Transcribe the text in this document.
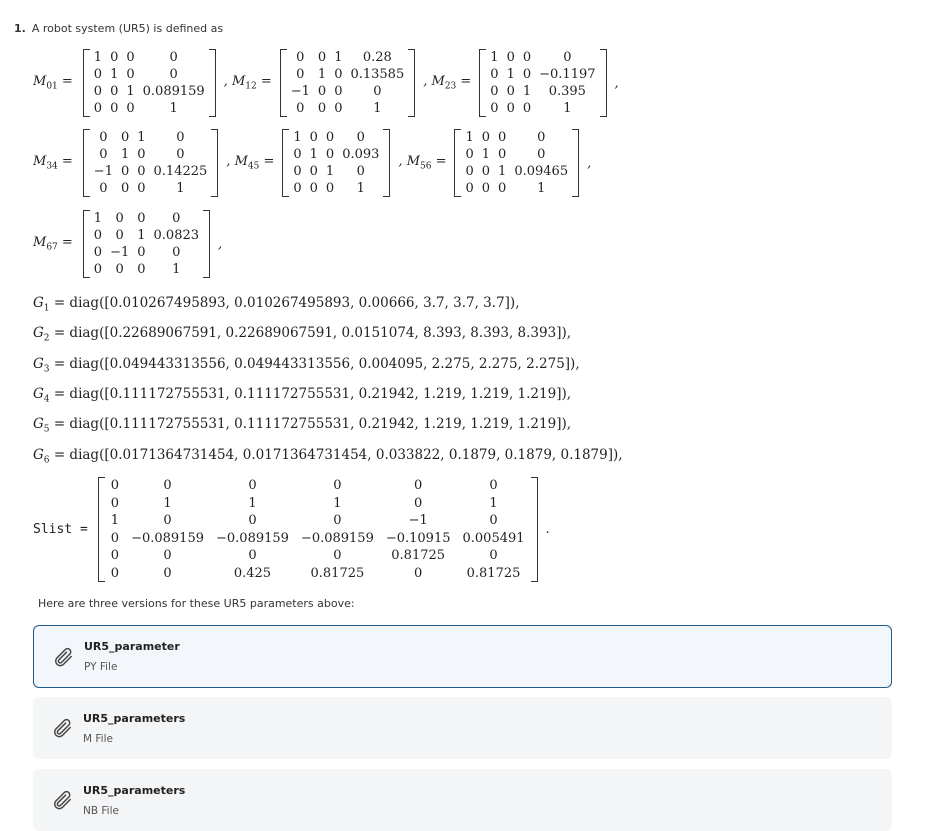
1. A robot system (UR5) is defined as
$M_{01}$ =
1	0	0	0
0	1	0	0
0	0	1	0.089159
0	0	0	1
, $M_{12}$ =
0	0	1	0.28
0	1	0	0.13585
−1	0	0	0
0	0	0	1
, $M_{23}$ =
1	0	0	0
0	1	0	−0.1197
0	0	1	0.395
0	0	0	1
,
$M_{34}$ =
0	0	1	0
0	1	0	0
−1	0	0	0.14225
0	0	0	1
, $M_{45}$ =
1	0	0	0
0	1	0	0.093
0	0	1	0
0	0	0	1
, $M_{56}$ =
1	0	0	0
0	1	0	0
0	0	1	0.09465
0	0	0	1
,
$M_{67}$ =
1	0	0	0
0	0	1	0.0823
0	−1	0	0
0	0	0	1
,
$G_1$ = diag([0.010267495893, 0.010267495893, 0.00666, 3.7, 3.7, 3.7]),
$G_2$ = diag([0.22689067591, 0.22689067591, 0.0151074, 8.393, 8.393, 8.393]),
$G_3$ = diag([0.049443313556, 0.049443313556, 0.004095, 2.275, 2.275, 2.275]),
$G_4$ = diag([0.111172755531, 0.111172755531, 0.21942, 1.219, 1.219, 1.219]),
$G_5$ = diag([0.111172755531, 0.111172755531, 0.21942, 1.219, 1.219, 1.219]),
$G_6$ = diag([0.0171364731454, 0.0171364731454, 0.033822, 0.1879, 0.1879, 0.1879]),
Slist =
0	0	0	0	0	0
0	1	1	1	0	1
1	0	0	0	−1	0
0	−0.089159	−0.089159	−0.089159	−0.10915	0.005491
0	0	0	0	0.81725	0
0	0	0.425	0.81725	0	0.81725
.
Here are three versions for these UR5 parameters above:
UR5_parameter
PY File
UR5_parameters
M File
UR5_parameters
NB File
